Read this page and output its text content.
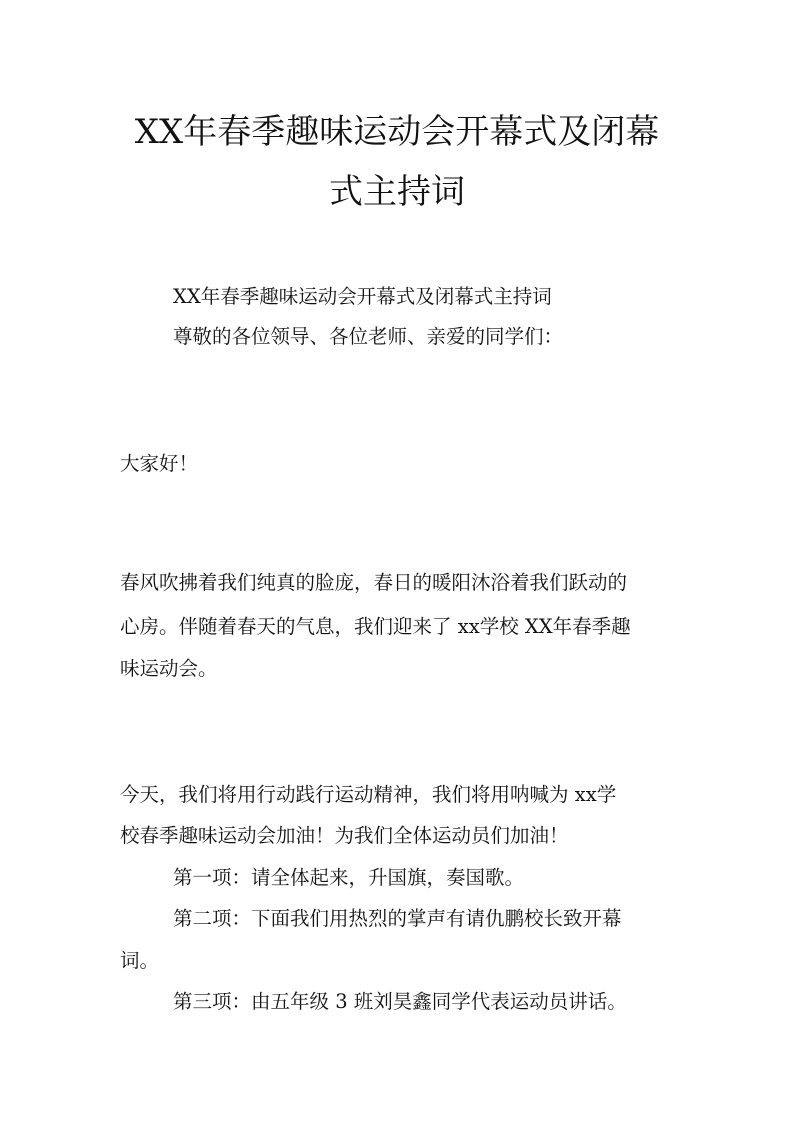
XX年春季趣味运动会开幕式及闭幕
式主持词
XX年春季趣味运动会开幕式及闭幕式主持词
尊敬的各位领导、各位老师、亲爱的同学们：
大家好！
春风吹拂着我们纯真的脸庞，春日的暖阳沐浴着我们跃动的
心房。伴随着春天的气息，我们迎来了 xx学校 XX年春季趣
味运动会。
今天，我们将用行动践行运动精神，我们将用呐喊为 xx学
校春季趣味运动会加油！为我们全体运动员们加油！
第一项：请全体起来，升国旗，奏国歌。
第二项：下面我们用热烈的掌声有请仇鹏校长致开幕
词。
第三项：由五年级 3 班刘昊鑫同学代表运动员讲话。
